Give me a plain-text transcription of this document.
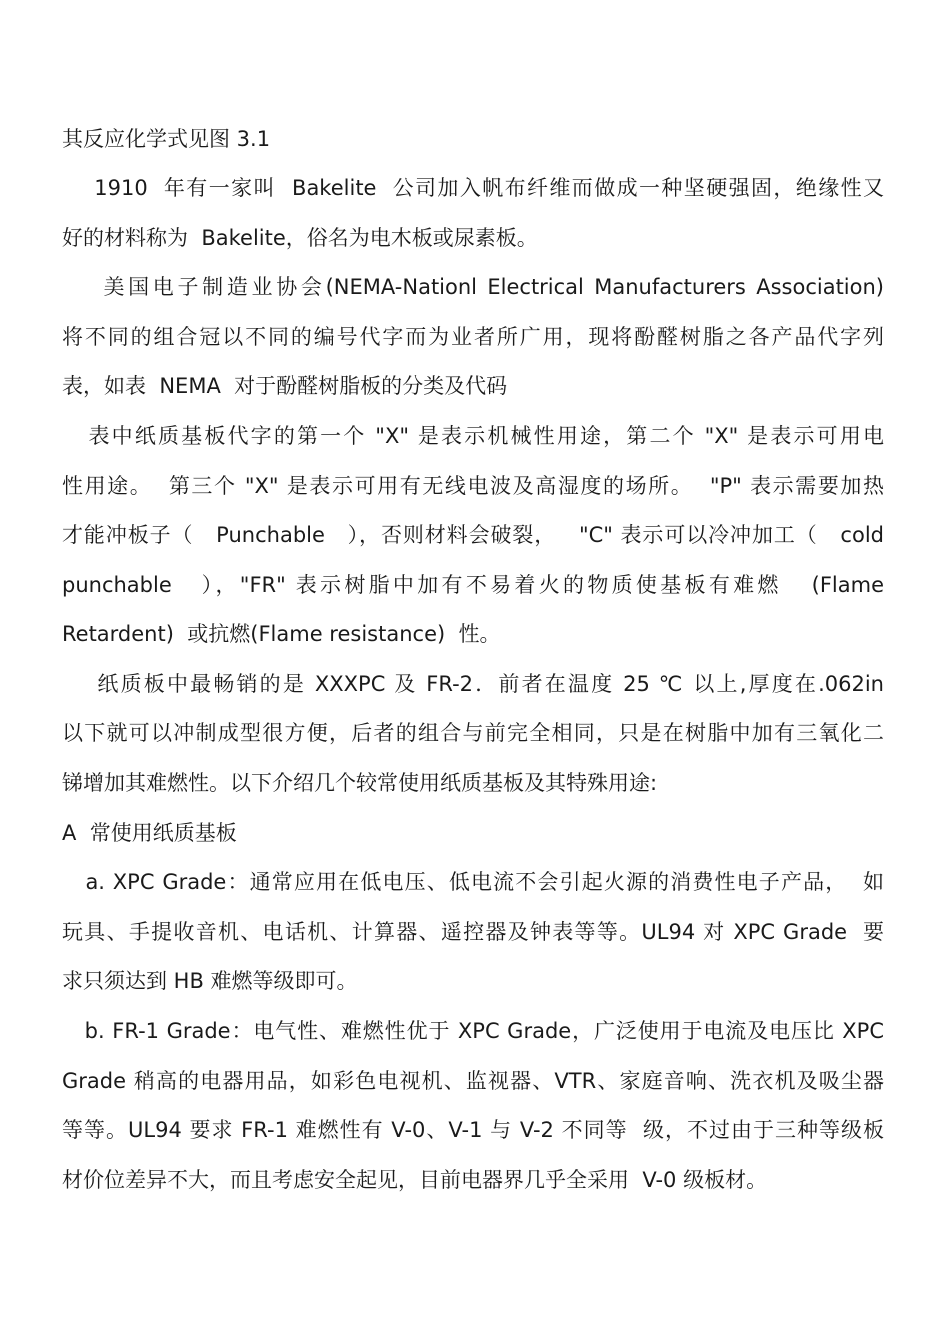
其反应化学式见图 3.1
1910  年有一家叫  Bakelite  公司加入帆布纤维而做成一种坚硬强固，绝缘性又
好的材料称为  Bakelite，俗名为电木板或尿素板。
美国电子制造业协会(NEMA-Nationl Electrical Manufacturers Association)
将不同的组合冠以不同的编号代字而为业者所广用，现将酚醛树脂之各产品代字列
表，如表  NEMA  对于酚醛树脂板的分类及代码
表中纸质基板代字的第一个 "X" 是表示机械性用途，第二个 "X" 是表示可用电
性用途。  第三个 "X" 是表示可用有无线电波及高湿度的场所。  "P" 表示需要加热
才能冲板子（   Punchable   ），否则材料会破裂，   "C" 表示可以冷冲加工（   cold
punchable   ），"FR" 表示树脂中加有不易着火的物质使基板有难燃   (Flame
Retardent)  或抗燃(Flame resistance)  性。
纸质板中最畅销的是 XXXPC 及 FR-2．前者在温度 25 ℃ 以上,厚度在.062in
以下就可以冲制成型很方便，后者的组合与前完全相同，只是在树脂中加有三氧化二
锑增加其难燃性。以下介绍几个较常使用纸质基板及其特殊用途:
A  常使用纸质基板
a. XPC Grade：通常应用在低电压、低电流不会引起火源的消费性电子产品，  如
玩具、手提收音机、电话机、计算器、遥控器及钟表等等。UL94 对 XPC Grade  要
求只须达到 HB 难燃等级即可。
b. FR-1 Grade：电气性、难燃性优于 XPC Grade，广泛使用于电流及电压比 XPC
Grade 稍高的电器用品，如彩色电视机、监视器、VTR、家庭音响、洗衣机及吸尘器
等等。UL94 要求 FR-1 难燃性有 V-0、V-1 与 V-2 不同等  级，不过由于三种等级板
材价位差异不大，而且考虑安全起见，目前电器界几乎全采用  V-0 级板材。
